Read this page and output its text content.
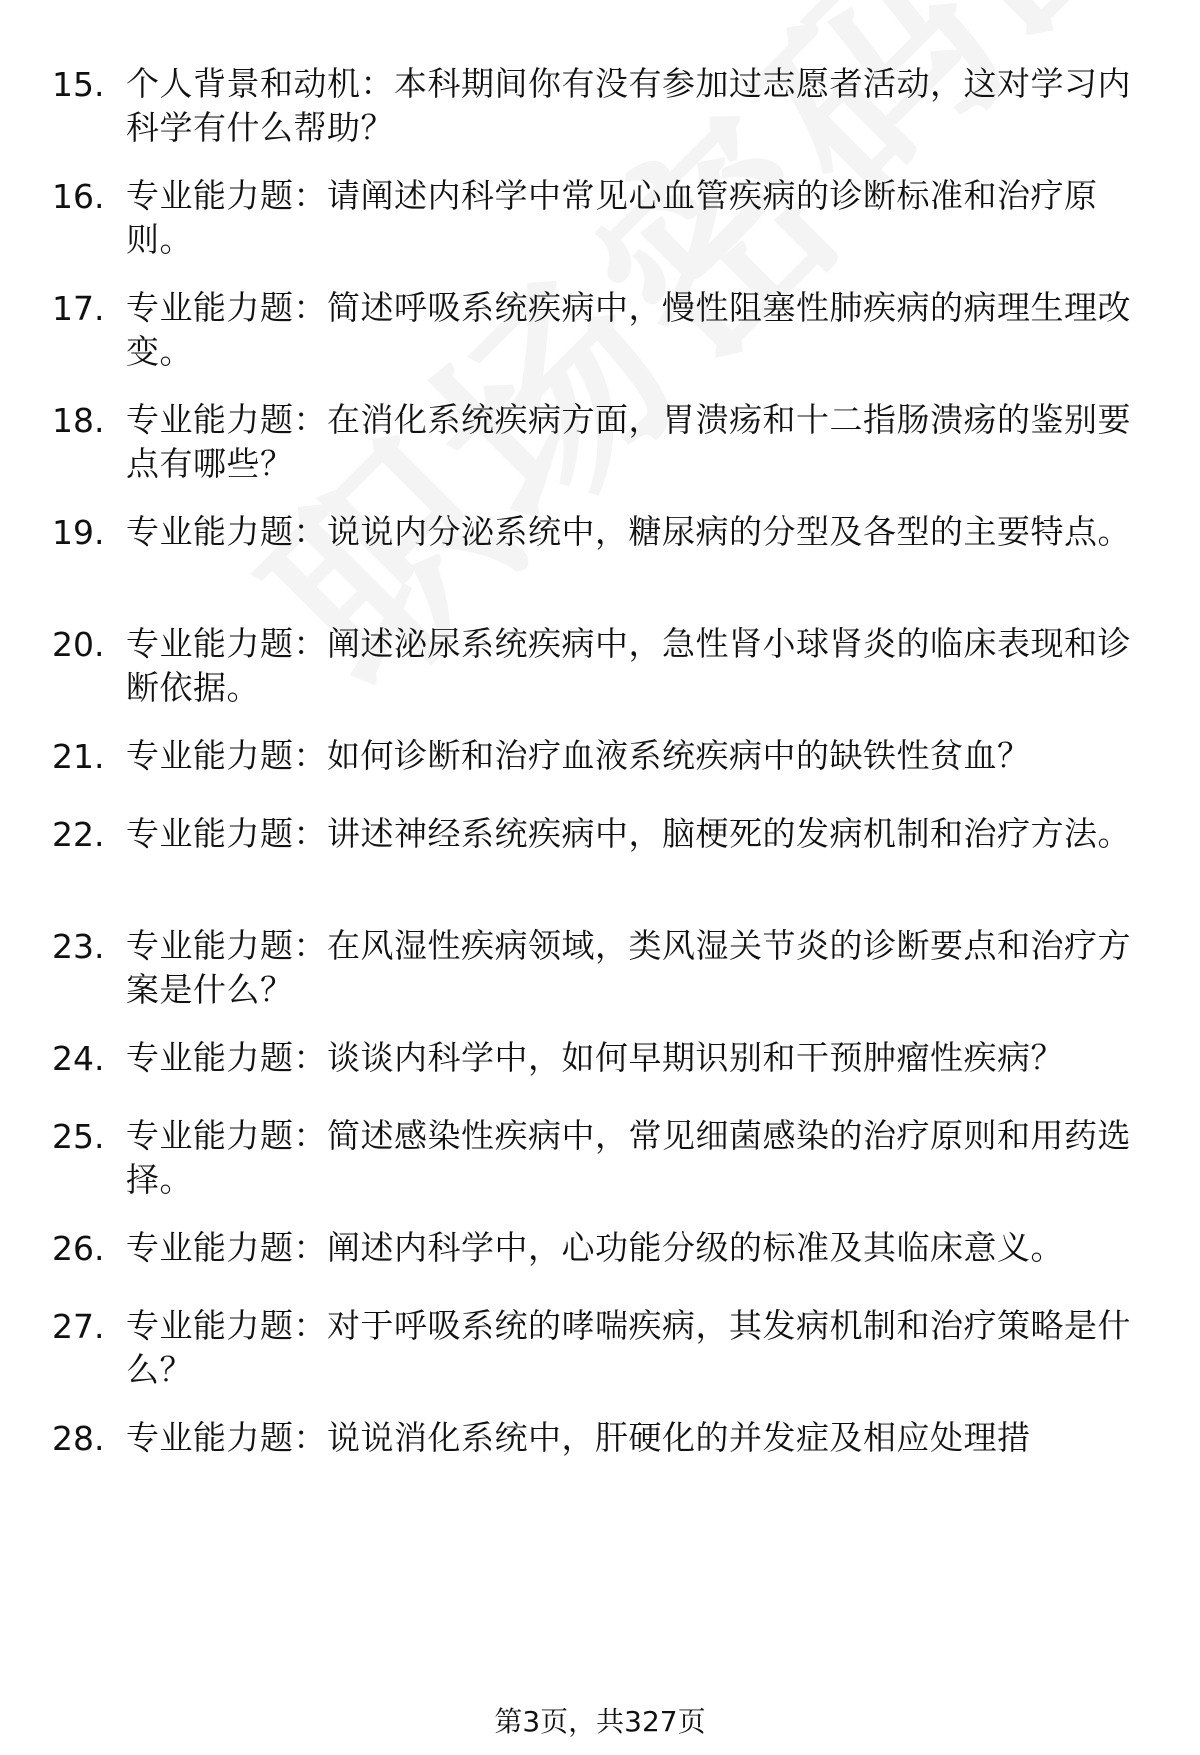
15. 个人背景和动机：本科期间你有没有参加过志愿者活动，这对学习内科学有什么帮助？
16. 专业能力题：请阐述内科学中常见心血管疾病的诊断标准和治疗原则。
17. 专业能力题：简述呼吸系统疾病中，慢性阻塞性肺疾病的病理生理改变。
18. 专业能力题：在消化系统疾病方面，胃溃疡和十二指肠溃疡的鉴别要点有哪些？
19. 专业能力题：说说内分泌系统中，糖尿病的分型及各型的主要特点。
20. 专业能力题：阐述泌尿系统疾病中，急性肾小球肾炎的临床表现和诊断依据。
21. 专业能力题：如何诊断和治疗血液系统疾病中的缺铁性贫血？
22. 专业能力题：讲述神经系统疾病中，脑梗死的发病机制和治疗方法。
23. 专业能力题：在风湿性疾病领域，类风湿关节炎的诊断要点和治疗方案是什么？
24. 专业能力题：谈谈内科学中，如何早期识别和干预肿瘤性疾病？
25. 专业能力题：简述感染性疾病中，常见细菌感染的治疗原则和用药选择。
26. 专业能力题：阐述内科学中，心功能分级的标准及其临床意义。
27. 专业能力题：对于呼吸系统的哮喘疾病，其发病机制和治疗策略是什么？
28. 专业能力题：说说消化系统中，肝硬化的并发症及相应处理措
第3页，共327页
